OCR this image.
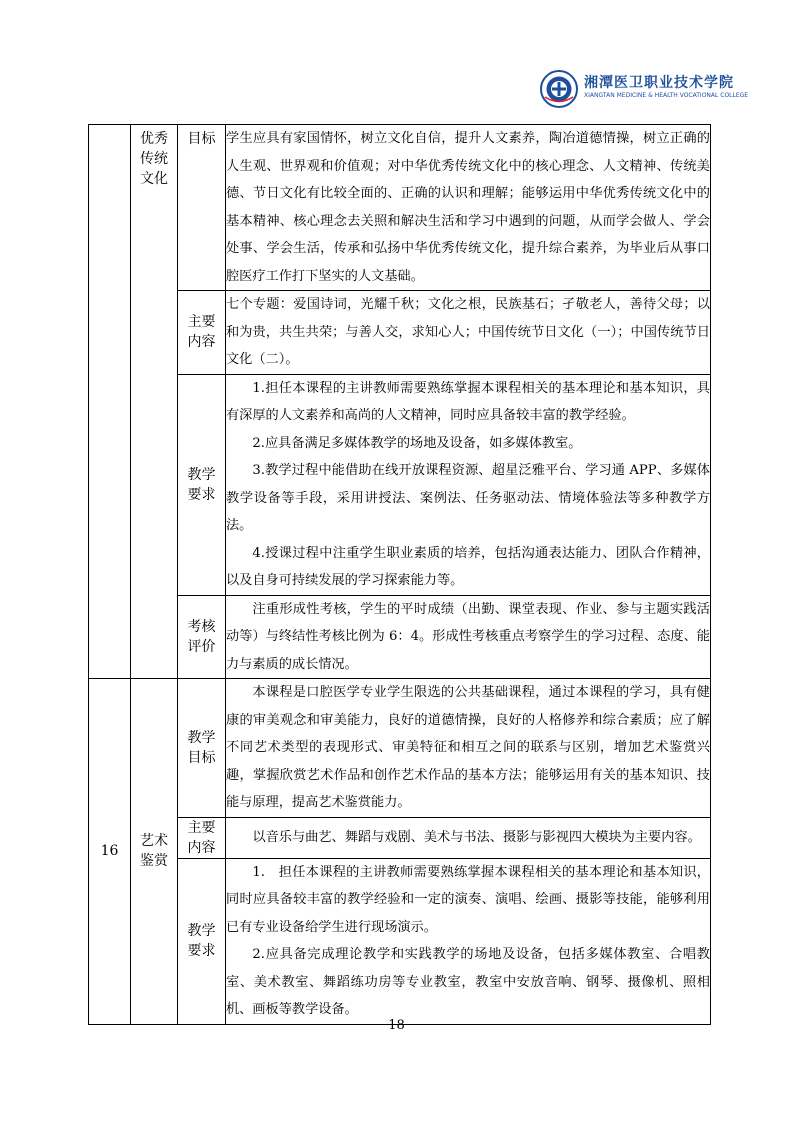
湘潭医卫职业技术学院
XIANGTAN MEDICINE & HEALTH VOCATIONAL COLLEGE

	优秀传统文化	目标	学生应具有家国情怀，树立文化自信，提升人文素养，陶冶道德情操，树立正确的人生观、世界观和价值观；对中华优秀传统文化中的核心理念、人文精神、传统美德、节日文化有比较全面的、正确的认识和理解；能够运用中华优秀传统文化中的基本精神、核心理念去关照和解决生活和学习中遇到的问题，从而学会做人、学会处事、学会生活，传承和弘扬中华优秀传统文化，提升综合素养，为毕业后从事口腔医疗工作打下坚实的人文基础。

		主要内容	七个专题：爱国诗词，光耀千秋；文化之根，民族基石；孑敬老人，善待父母；以和为贵，共生共荣；与善人交，求知心人；中国传统节日文化（一）；中国传统节日文化（二）。

		教学要求	1.担任本课程的主讲教师需要熟练掌握本课程相关的基本理论和基本知识，具有深厚的人文素养和高尚的人文精神，同时应具备较丰富的教学经验。

2.应具备满足多媒体教学的场地及设备，如多媒体教室。

3.教学过程中能借助在线开放课程资源、超星泛雅平台、学习通 APP、多媒体教学设备等手段，采用讲授法、案例法、任务驱动法、情境体验法等多种教学方法。

4.授课过程中注重学生职业素质的培养，包括沟通表达能力、团队合作精神，以及自身可持续发展的学习探索能力等。

		考核评价	注重形成性考核，学生的平时成绩（出勤、课堂表现、作业、参与主题实践活动等）与终结性考核比例为 6：4。形成性考核重点考察学生的学习过程、态度、能力与素质的成长情况。

16	艺术鉴赏	教学目标	本课程是口腔医学专业学生限选的公共基础课程，通过本课程的学习，具有健康的审美观念和审美能力，良好的道德情操，良好的人格修养和综合素质；应了解不同艺术类型的表现形式、审美特征和相互之间的联系与区别，增加艺术鉴赏兴趣，掌握欣赏艺术作品和创作艺术作品的基本方法；能够运用有关的基本知识、技能与原理，提高艺术鉴赏能力。

		主要内容	以音乐与曲艺、舞蹈与戏剧、美术与书法、摄影与影视四大模块为主要内容。

		教学要求	1.　担任本课程的主讲教师需要熟练掌握本课程相关的基本理论和基本知识，同时应具备较丰富的教学经验和一定的演奏、演唱、绘画、摄影等技能，能够利用已有专业设备给学生进行现场演示。

2.应具备完成理论教学和实践教学的场地及设备，包括多媒体教室、合唱教室、美术教室、舞蹈练功房等专业教室，教室中安放音响、钢琴、摄像机、照相机、画板等教学设备。

18
